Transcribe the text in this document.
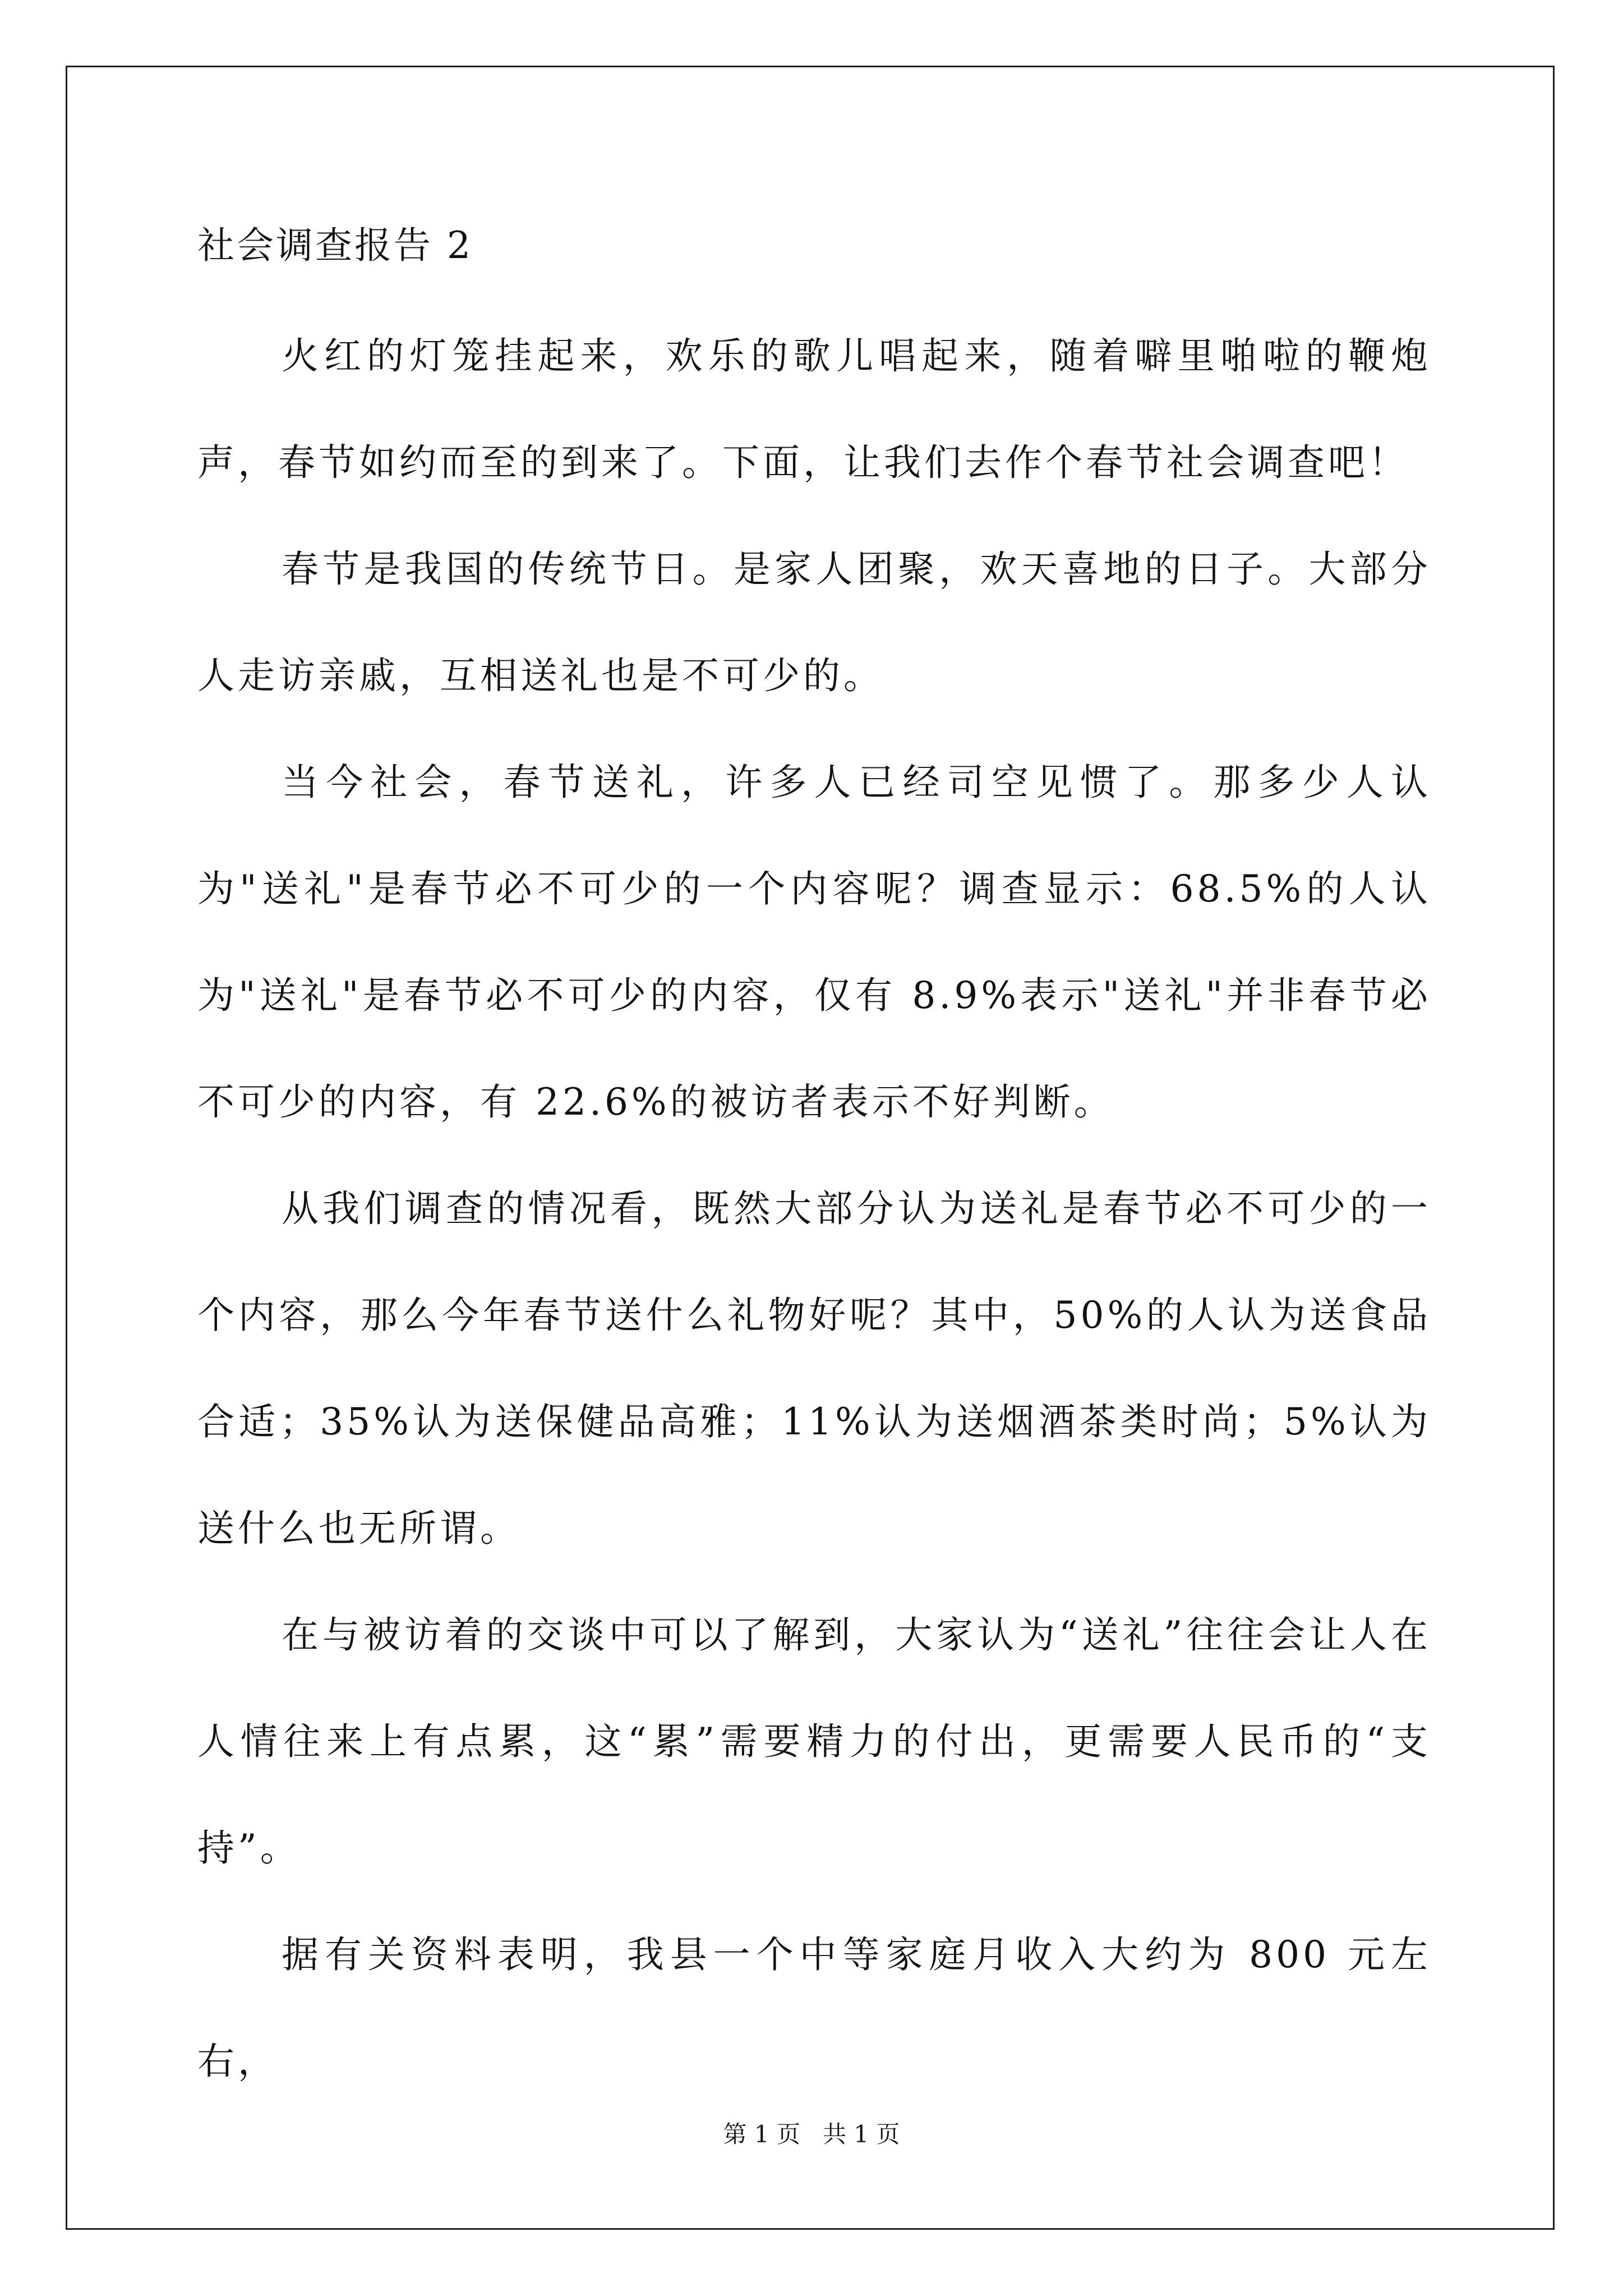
社会调查报告 2

火红的灯笼挂起来，欢乐的歌儿唱起来，随着噼里啪啦的鞭炮声，春节如约而至的到来了。下面，让我们去作个春节社会调查吧！

春节是我国的传统节日。是家人团聚，欢天喜地的日子。大部分人走访亲戚，互相送礼也是不可少的。

当今社会，春节送礼，许多人已经司空见惯了。那多少人认为"送礼"是春节必不可少的一个内容呢？调查显示：68.5%的人认为"送礼"是春节必不可少的内容，仅有 8.9%表示"送礼"并非春节必不可少的内容，有 22.6%的被访者表示不好判断。

从我们调查的情况看，既然大部分认为送礼是春节必不可少的一个内容，那么今年春节送什么礼物好呢？其中，50%的人认为送食品合适；35%认为送保健品高雅；11%认为送烟酒茶类时尚；5%认为送什么也无所谓。

在与被访着的交谈中可以了解到，大家认为“送礼”往往会让人在人情往来上有点累，这“累”需要精力的付出，更需要人民币的“支持”。

据有关资料表明，我县一个中等家庭月收入大约为 800 元左右，

第 1 页   共 1 页
